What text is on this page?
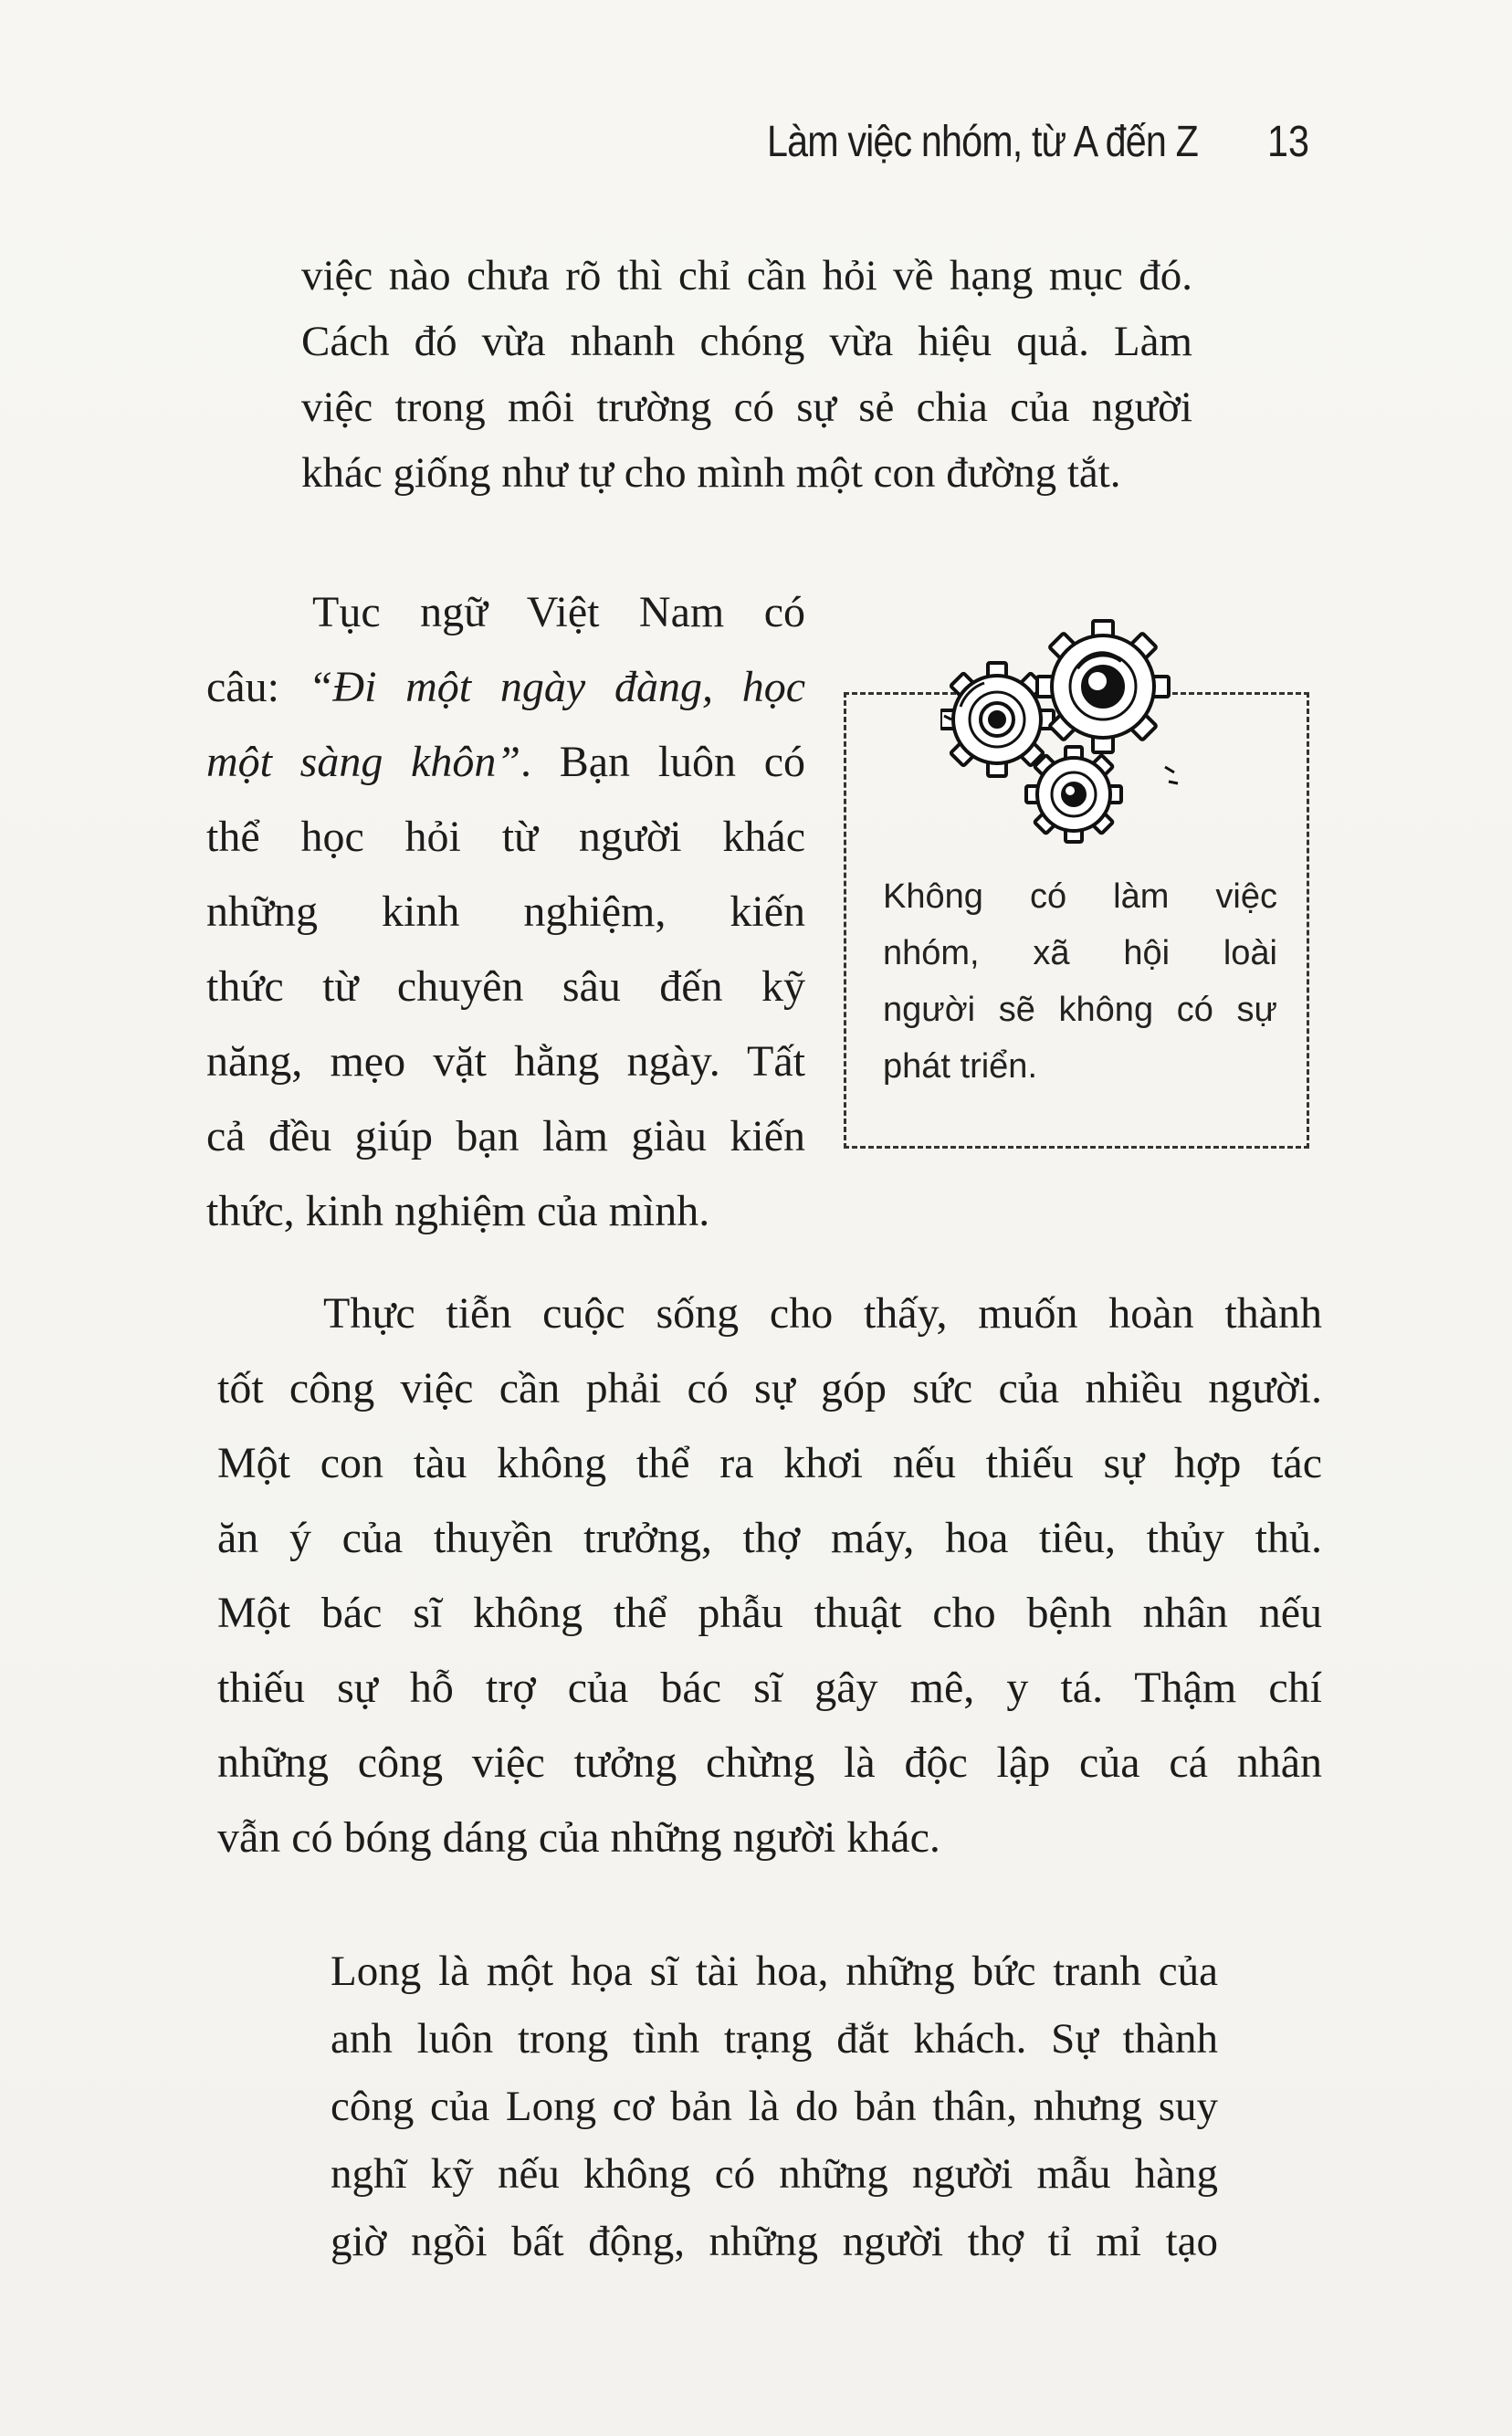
Làm việc nhóm, từ A đến Z 13
việc nào chưa rõ thì chỉ cần hỏi về hạng mục đó.
Cách đó vừa nhanh chóng vừa hiệu quả. Làm
việc trong môi trường có sự sẻ chia của người
khác giống như tự cho mình một con đường tắt.
Tục ngữ Việt Nam có
câu: “Đi một ngày đàng, học
một sàng khôn”. Bạn luôn có
thể học hỏi từ người khác
những kinh nghiệm, kiến
thức từ chuyên sâu đến kỹ
năng, mẹo vặt hằng ngày. Tất
cả đều giúp bạn làm giàu kiến
thức, kinh nghiệm của mình.
Không có làm việc
nhóm, xã hội loài
người sẽ không có sự
phát triển.
Thực tiễn cuộc sống cho thấy, muốn hoàn thành
tốt công việc cần phải có sự góp sức của nhiều người.
Một con tàu không thể ra khơi nếu thiếu sự hợp tác
ăn ý của thuyền trưởng, thợ máy, hoa tiêu, thủy thủ.
Một bác sĩ không thể phẫu thuật cho bệnh nhân nếu
thiếu sự hỗ trợ của bác sĩ gây mê, y tá. Thậm chí
những công việc tưởng chừng là độc lập của cá nhân
vẫn có bóng dáng của những người khác.
Long là một họa sĩ tài hoa, những bức tranh của
anh luôn trong tình trạng đắt khách. Sự thành
công của Long cơ bản là do bản thân, nhưng suy
nghĩ kỹ nếu không có những người mẫu hàng
giờ ngồi bất động, những người thợ tỉ mỉ tạo
